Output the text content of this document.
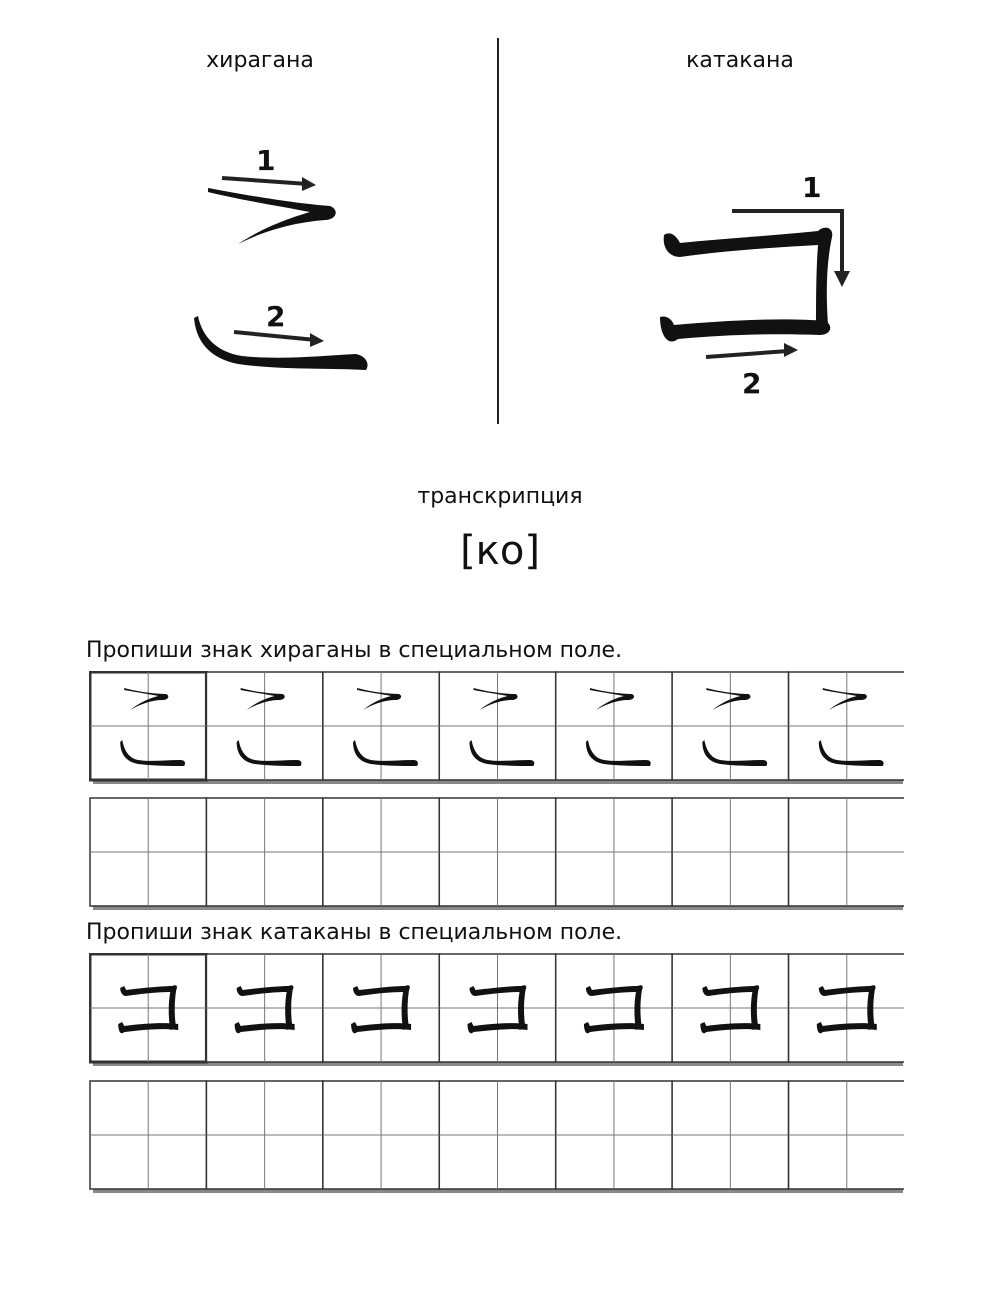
хирагана	катакана
1
2
1
2
транскрипция
[ко]
Пропиши знак хираганы в специальном поле.
Пропиши знак катаканы в специальном поле.
